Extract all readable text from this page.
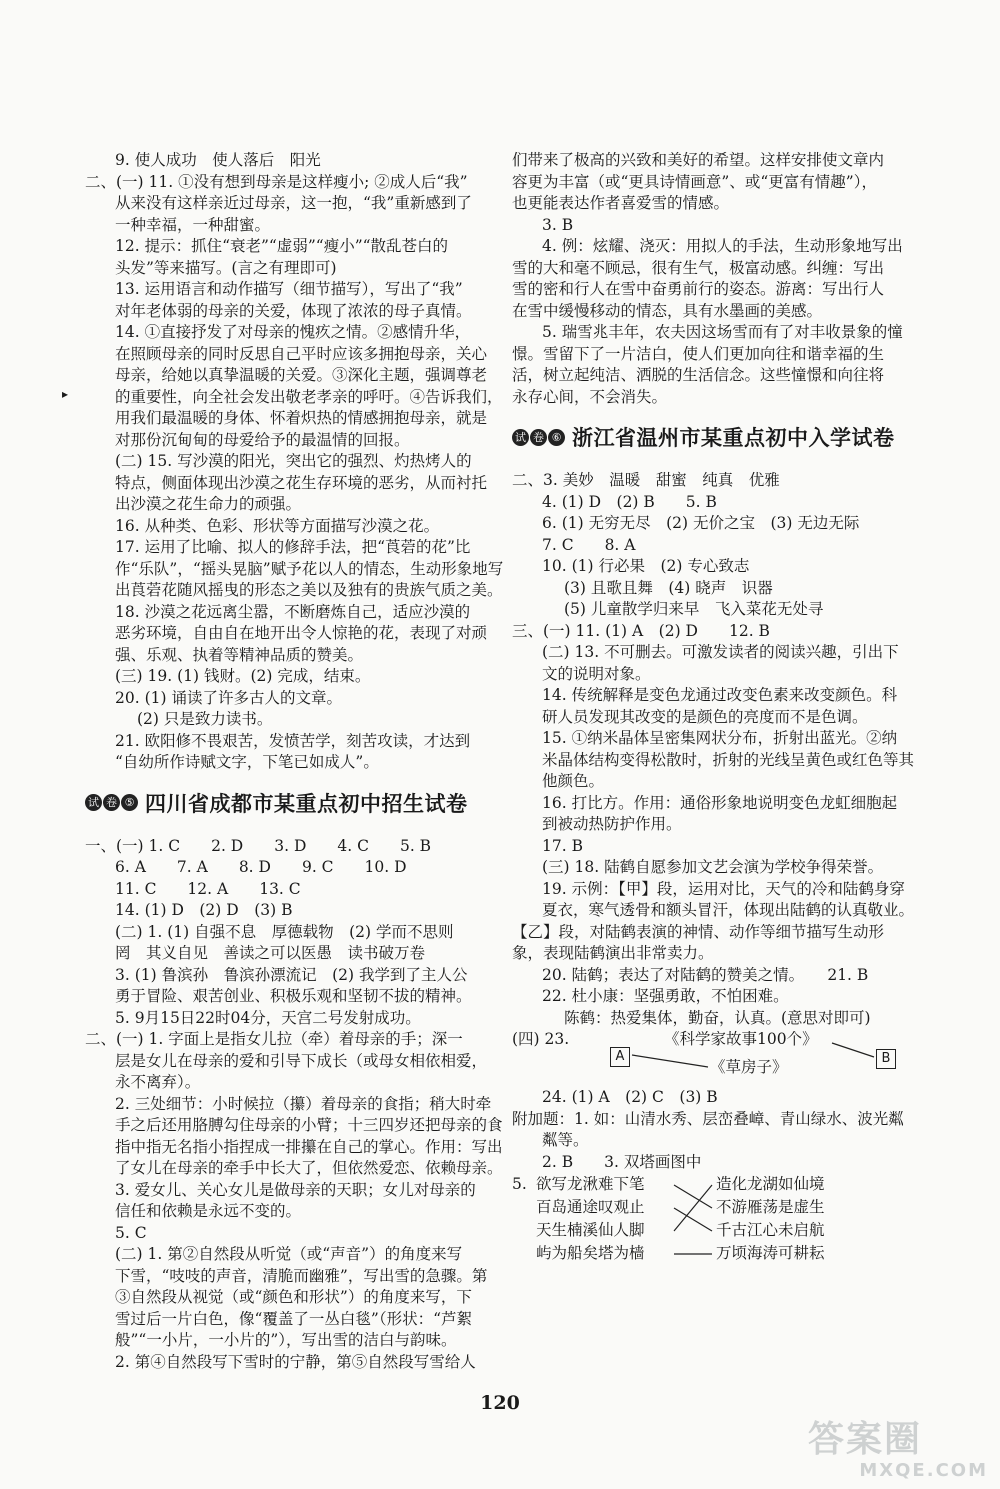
▸
9. 使人成功　使人落后　阳光
二、(一) 11. ①没有想到母亲是这样瘦小; ②成人后“我”
从来没有这样亲近过母亲，这一抱，“我”重新感到了
一种幸福，一种甜蜜。
12. 提示：抓住“衰老”“虚弱”“瘦小”“散乱苍白的
头发”等来描写。(言之有理即可)
13. 运用语言和动作描写（细节描写），写出了“我”
对年老体弱的母亲的关爱，体现了浓浓的母子真情。
14. ①直接抒发了对母亲的愧疚之情。②感情升华，
在照顾母亲的同时反思自己平时应该多拥抱母亲，关心
母亲，给她以真挚温暖的关爱。③深化主题，强调尊老
的重要性，向全社会发出敬老孝亲的呼吁。④告诉我们，
用我们最温暖的身体、怀着炽热的情感拥抱母亲，就是
对那份沉甸甸的母爱给予的最温情的回报。
(二) 15. 写沙漠的阳光，突出它的强烈、灼热烤人的
特点，侧面体现出沙漠之花生存环境的恶劣，从而衬托
出沙漠之花生命力的顽强。
16. 从种类、色彩、形状等方面描写沙漠之花。
17. 运用了比喻、拟人的修辞手法，把“莨菪的花”比
作“乐队”，“摇头晃脑”赋予花以人的情态，生动形象地写
出莨菪花随风摇曳的形态之美以及独有的贵族气质之美。
18. 沙漠之花远离尘嚣，不断磨炼自己，适应沙漠的
恶劣环境，自由自在地开出令人惊艳的花，表现了对顽
强、乐观、执着等精神品质的赞美。
(三) 19. (1) 钱财。(2) 完成，结束。
20. (1) 诵读了许多古人的文章。
(2) 只是致力读书。
21. 欧阳修不畏艰苦，发愤苦学，刻苦攻读，才达到
“自幼所作诗赋文字，下笔已如成人”。
试 卷 ⑤ 四川省成都市某重点初中招生试卷
一、(一) 1. C　　2. D　　3. D　　4. C　　5. B
6. A　　7. A　　8. D　　9. C　　10. D
11. C　　12. A　　13. C
14. (1) D　(2) D　(3) B
(二) 1. (1) 自强不息　厚德载物　(2) 学而不思则
罔　其义自见　善读之可以医愚　读书破万卷
3. (1) 鲁滨孙　鲁滨孙漂流记　(2) 我学到了主人公
勇于冒险、艰苦创业、积极乐观和坚韧不拔的精神。
5. 9月15日22时04分，天宫二号发射成功。
二、(一) 1. 字面上是指女儿拉（牵）着母亲的手；深一
层是女儿在母亲的爱和引导下成长（或母女相依相爱，
永不离弃）。
2. 三处细节：小时候拉（攥）着母亲的食指；稍大时牵
手之后还用胳膊勾住母亲的小臂；十三四岁还把母亲的食
指中指无名指小指捏成一排攥在自己的掌心。作用：写出
了女儿在母亲的牵手中长大了，但依然爱恋、依赖母亲。
3. 爱女儿、关心女儿是做母亲的天职；女儿对母亲的
信任和依赖是永远不变的。
5. C
(二) 1. 第②自然段从听觉（或“声音”）的角度来写
下雪，“吱吱的声音，清脆而幽雅”，写出雪的急骤。第
③自然段从视觉（或“颜色和形状”）的角度来写，下
雪过后一片白色，像“覆盖了一丛白毯”（形状：“芦絮
般”“一小片，一小片的”），写出雪的洁白与韵味。
2. 第④自然段写下雪时的宁静，第⑤自然段写雪给人
们带来了极高的兴致和美好的希望。这样安排使文章内
容更为丰富（或“更具诗情画意”、或“更富有情趣”），
也更能表达作者喜爱雪的情感。
3. B
4. 例：炫耀、浇灭：用拟人的手法，生动形象地写出
雪的大和毫不顾忌，很有生气，极富动感。纠缠：写出
雪的密和行人在雪中奋勇前行的姿态。游离：写出行人
在雪中缓慢移动的情态，具有水墨画的美感。
5. 瑞雪兆丰年，农夫因这场雪而有了对丰收景象的憧
憬。雪留下了一片洁白，使人们更加向往和谐幸福的生
活，树立起纯洁、洒脱的生活信念。这些憧憬和向往将
永存心间，不会消失。
试 卷 ⑥ 浙江省温州市某重点初中入学试卷
二、3. 美妙　温暖　甜蜜　纯真　优雅
4. (1) D　(2) B　　5. B
6. (1) 无穷无尽　(2) 无价之宝　(3) 无边无际
7. C　　8. A
10. (1) 行必果　(2) 专心致志
(3) 且歌且舞　(4) 晓声　识器
(5) 儿童散学归来早　飞入菜花无处寻
三、(一) 11. (1) A　(2) D　　12. B
(二) 13. 不可删去。可激发读者的阅读兴趣，引出下
文的说明对象。
14. 传统解释是变色龙通过改变色素来改变颜色。科
研人员发现其改变的是颜色的亮度而不是色调。
15. ①纳米晶体呈密集网状分布，折射出蓝光。②纳
米晶体结构变得松散时，折射的光线呈黄色或红色等其
他颜色。
16. 打比方。作用：通俗形象地说明变色龙虹细胞起
到被动热防护作用。
17. B
(三) 18. 陆鹤自愿参加文艺会演为学校争得荣誉。
19. 示例：【甲】段，运用对比，天气的冷和陆鹤身穿
夏衣，寒气透骨和额头冒汗，体现出陆鹤的认真敬业。
【乙】段，对陆鹤表演的神情、动作等细节描写生动形
象，表现陆鹤演出非常卖力。
20. 陆鹤；表达了对陆鹤的赞美之情。　　21. B
22. 杜小康：坚强勇敢，不怕困难。
陈鹤：热爱集体，勤奋，认真。(意思对即可)
(四) 23.	《科学家故事100个》
《草房子》
A	B
24. (1) A　(2) C　(3) B
附加题：1. 如：山清水秀、层峦叠嶂、青山绿水、波光粼
粼等。
2. B　　3. 双塔画图中
5. 欲写龙湫难下笔
百岛通途叹观止
天生楠溪仙人脚
屿为船矣塔为樯
造化龙湖如仙境
不游雁荡是虚生
千古江心未启航
万顷海涛可耕耘
120
答案圈
MXQE.COM
